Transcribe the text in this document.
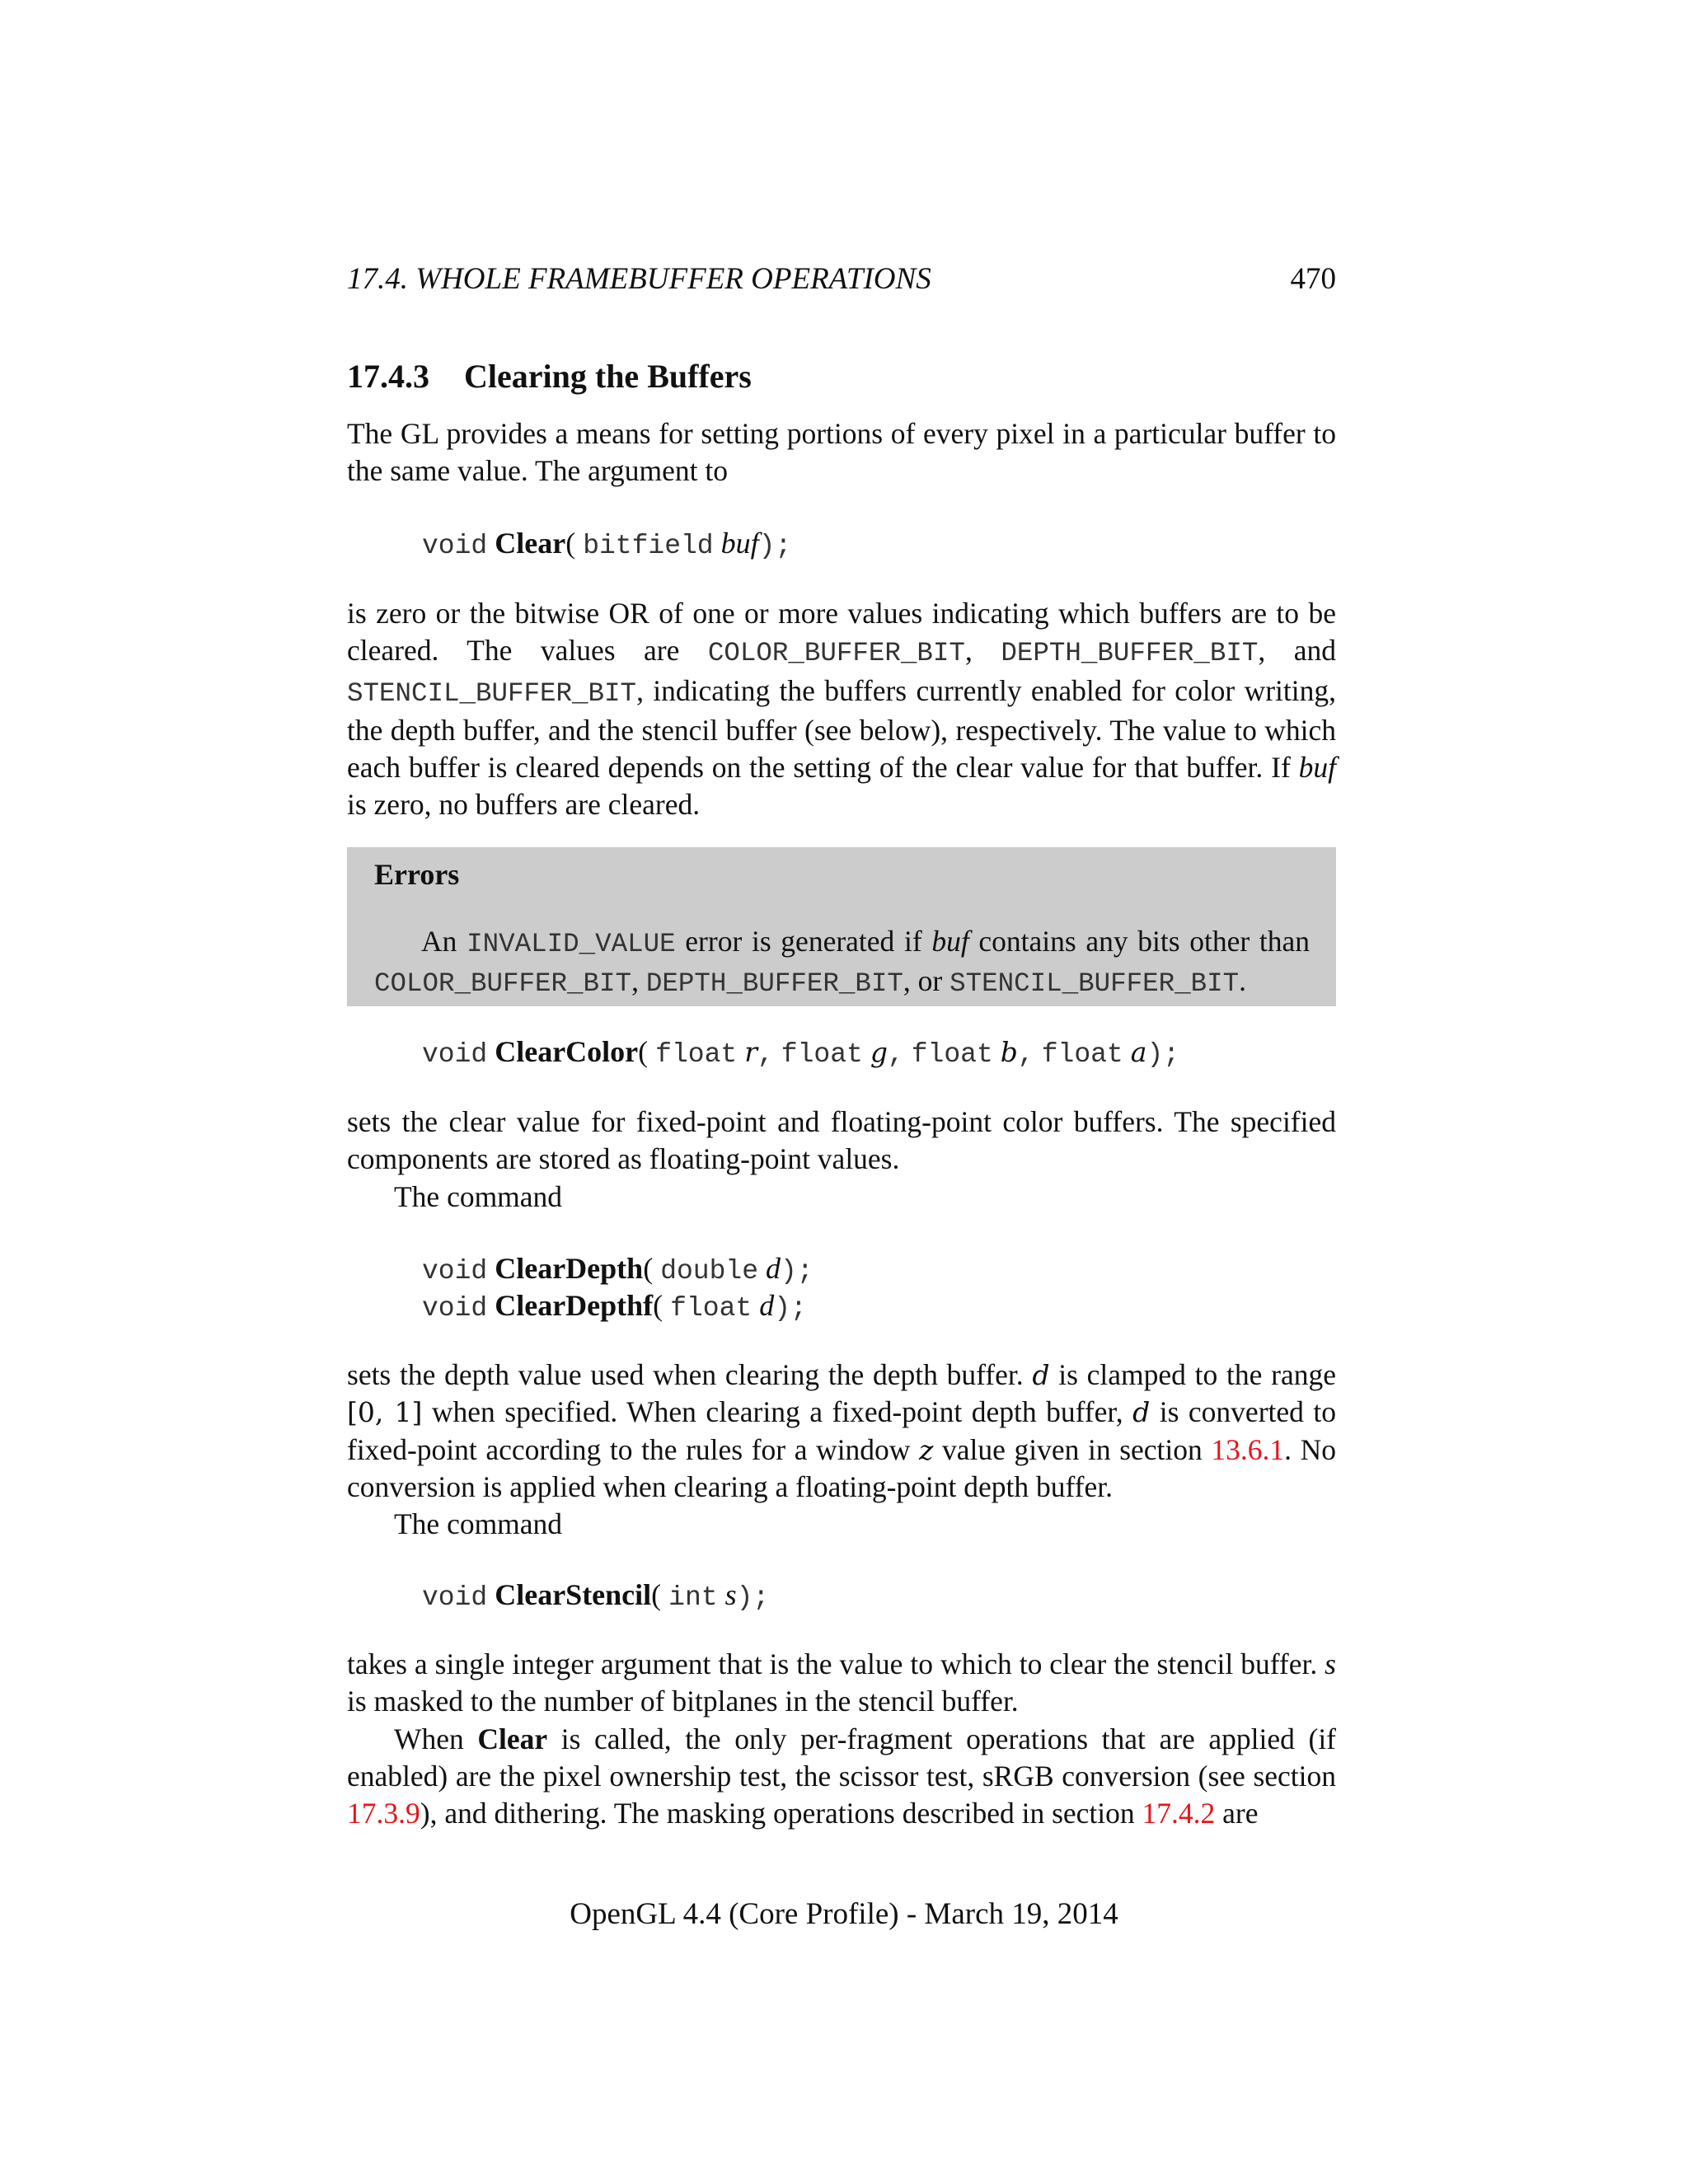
17.4. WHOLE FRAMEBUFFER OPERATIONS	470
17.4.3 Clearing the Buffers

The GL provides a means for setting portions of every pixel in a particular buffer to the same value. The argument to

void Clear( bitfield buf);

is zero or the bitwise OR of one or more values indicating which buffers are to be cleared. The values are COLOR_BUFFER_BIT, DEPTH_BUFFER_BIT, and STENCIL_BUFFER_BIT, indicating the buffers currently enabled for color writing, the depth buffer, and the stencil buffer (see below), respectively. The value to which each buffer is cleared depends on the setting of the clear value for that buffer. If buf is zero, no buffers are cleared.

Errors
An INVALID_VALUE error is generated if buf contains any bits other than COLOR_BUFFER_BIT, DEPTH_BUFFER_BIT, or STENCIL_BUFFER_BIT.
void ClearColor( float r, float g, float b, float a);

sets the clear value for fixed-point and floating-point color buffers. The specified components are stored as floating-point values.

The command

void ClearDepth( double d);
void ClearDepthf( float d);

sets the depth value used when clearing the depth buffer. d is clamped to the range [0, 1] when specified. When clearing a fixed-point depth buffer, d is converted to fixed-point according to the rules for a window z value given in section 13.6.1. No conversion is applied when clearing a floating-point depth buffer.

The command

void ClearStencil( int s);

takes a single integer argument that is the value to which to clear the stencil buffer. s is masked to the number of bitplanes in the stencil buffer.

When Clear is called, the only per-fragment operations that are applied (if enabled) are the pixel ownership test, the scissor test, sRGB conversion (see section 17.3.9), and dithering. The masking operations described in section 17.4.2 are

OpenGL 4.4 (Core Profile) - March 19, 2014
